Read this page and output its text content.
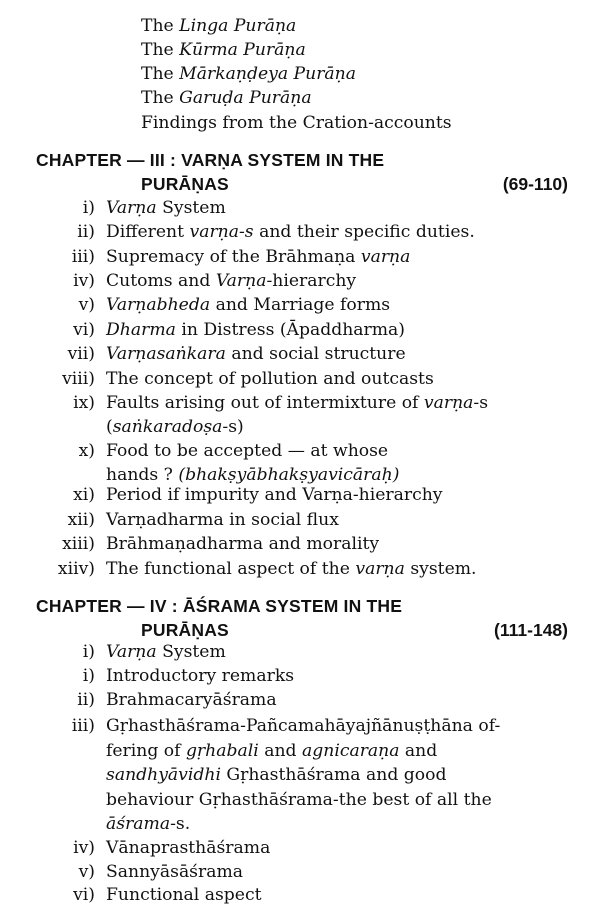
CHAPTER — III : VARṆA SYSTEM IN THE
PURĀṆAS	(69-110)
CHAPTER — IV : ĀŚRAMA SYSTEM IN THE
PURĀṆAS	(111-148)
The Linga Purāṇa
The Kūrma Purāṇa
The Mārkaṇḍeya Purāṇa
The Garuḍa Purāṇa
Findings from the Cration-accounts
i) Varṇa System
ii) Different varṇa-s and their specific duties.
iii) Supremacy of the Brāhmaṇa varṇa
iv) Cutoms and Varṇa-hierarchy
v) Varṇabheda and Marriage forms
vi) Dharma in Distress (Āpaddharma)
vii) Varṇasaṅkara and social structure
viii) The concept of pollution and outcasts
ix) Faults arising out of intermixture of varṇa-s
(saṅkaradoṣa-s)
x) Food to be accepted — at whose
hands ? (bhakṣyābhakṣyavicāraḥ)
xi) Period if impurity and Varṇa-hierarchy
xii) Varṇadharma in social flux
xiii) Brāhmaṇadharma and morality
xiiv) The functional aspect of the varṇa system.
i) Varṇa System
i) Introductory remarks
ii) Brahmacaryāśrama
iii) Gṛhasthāśrama-Pañcamahāyajñānuṣṭhāna of-
fering of gṛhabali and agnicaraṇa and
sandhyāvidhi Gṛhasthāśrama and good
behaviour Gṛhasthāśrama-the best of all the
āśrama-s.
iv) Vānaprasthāśrama
v) Sannyāsāśrama
vi) Functional aspect
